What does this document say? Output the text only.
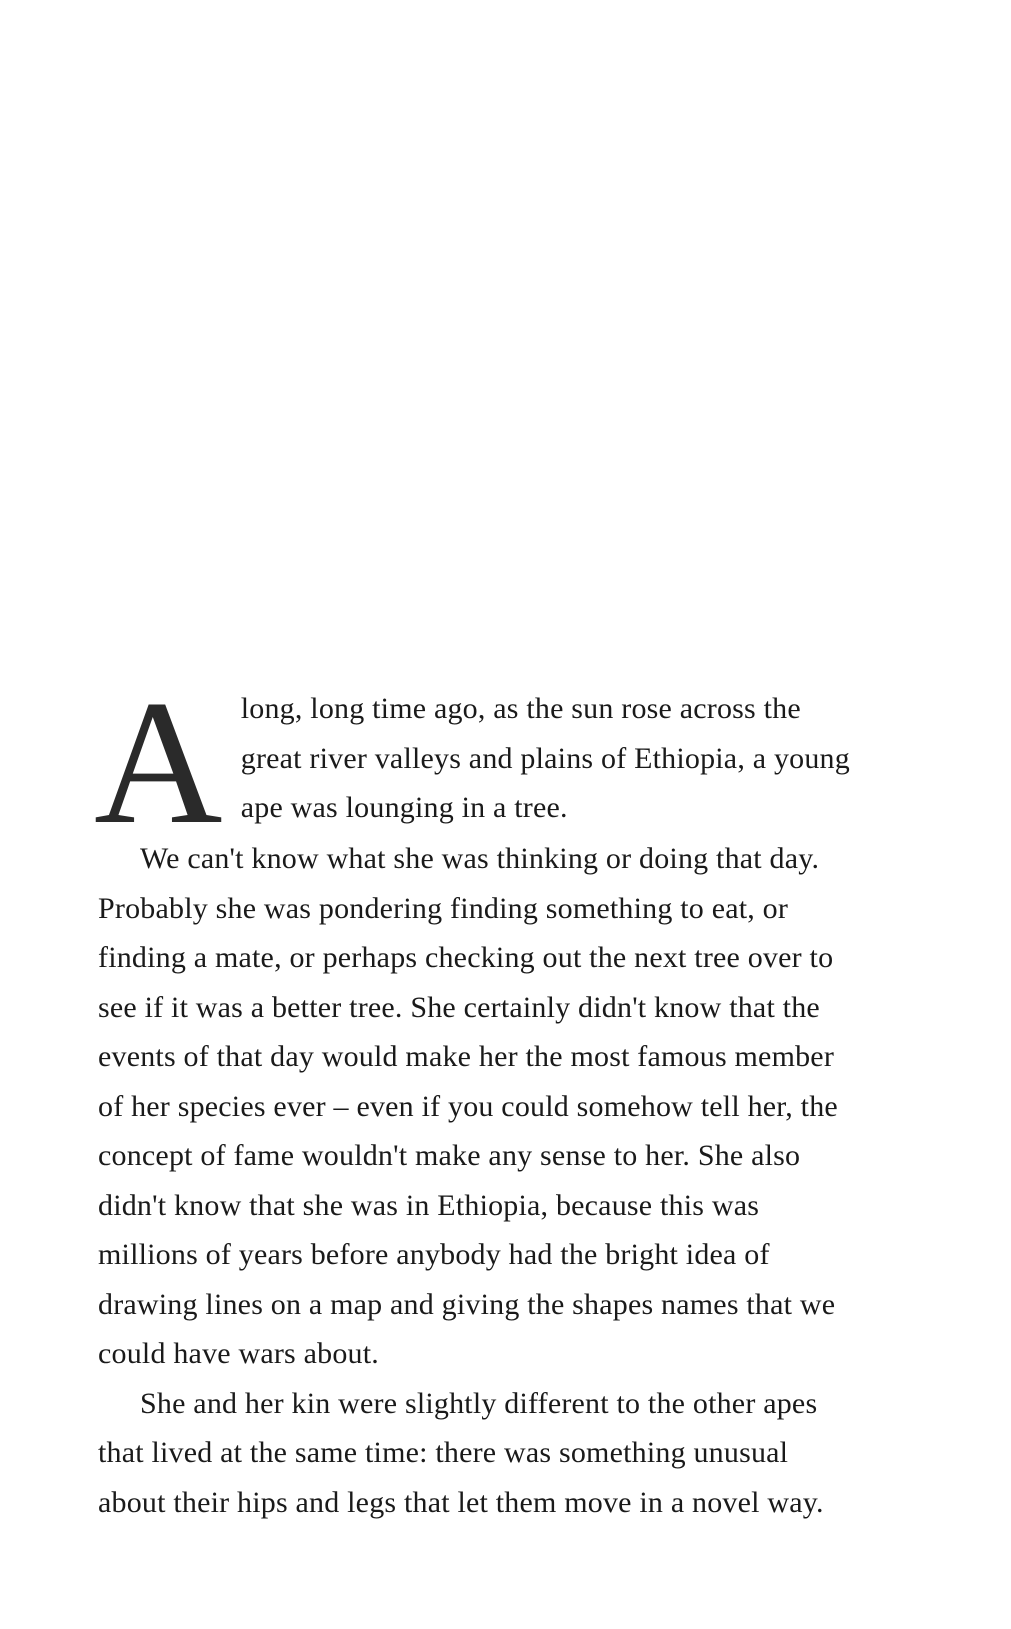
A long, long time ago, as the sun rose across the
great river valleys and plains of Ethiopia, a young
ape was lounging in a tree.
We can't know what she was thinking or doing that day.
Probably she was pondering finding something to eat, or
finding a mate, or perhaps checking out the next tree over to
see if it was a better tree. She certainly didn't know that the
events of that day would make her the most famous member
of her species ever – even if you could somehow tell her, the
concept of fame wouldn't make any sense to her. She also
didn't know that she was in Ethiopia, because this was
millions of years before anybody had the bright idea of
drawing lines on a map and giving the shapes names that we
could have wars about.
She and her kin were slightly different to the other apes
that lived at the same time: there was something unusual
about their hips and legs that let them move in a novel way.
